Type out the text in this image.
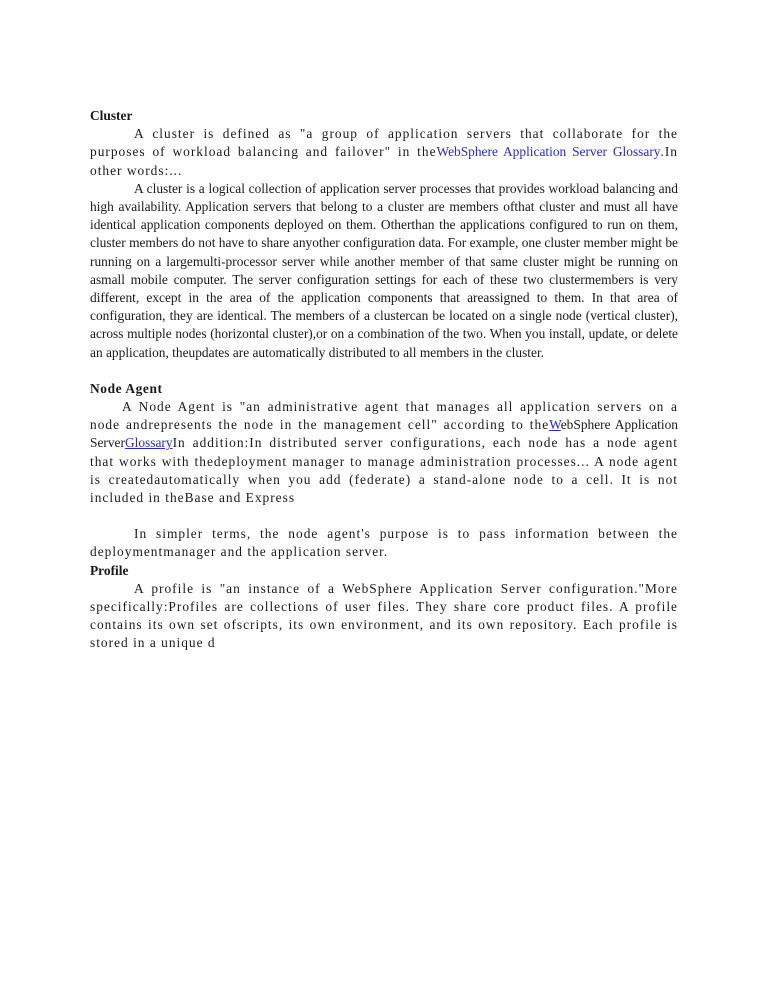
Cluster

A cluster is defined as "a group of application servers that collaborate for the purposes of workload balancing and failover" in theWebSphere Application Server Glossary.In other words:...

A cluster is a logical collection of application server processes that provides workload balancing and high availability. Application servers that belong to a cluster are members ofthat cluster and must all have identical application components deployed on them. Otherthan the applications configured to run on them, cluster members do not have to share anyother configuration data. For example, one cluster member might be running on a largemulti-processor server while another member of that same cluster might be running on asmall mobile computer. The server configuration settings for each of these two clustermembers is very different, except in the area of the application components that areassigned to them. In that area of configuration, they are identical. The members of a clustercan be located on a single node (vertical cluster), across multiple nodes (horizontal cluster),or on a combination of the two. When you install, update, or delete an application, theupdates are automatically distributed to all members in the cluster.

Node Agent

A Node Agent is "an administrative agent that manages all application servers on a node andrepresents the node in the management cell" according to theWebSphere Application ServerGlossaryIn addition:In distributed server configurations, each node has a node agent that works with thedeployment manager to manage administration processes... A node agent is createdautomatically when you add (federate) a stand-alone node to a cell. It is not included in theBase and Express

In simpler terms, the node agent's purpose is to pass information between the deploymentmanager and the application server.

Profile

A profile is "an instance of a WebSphere Application Server configuration."More specifically:Profiles are collections of user files. They share core product files. A profile contains its own set ofscripts, its own environment, and its own repository. Each profile is stored in a unique d
